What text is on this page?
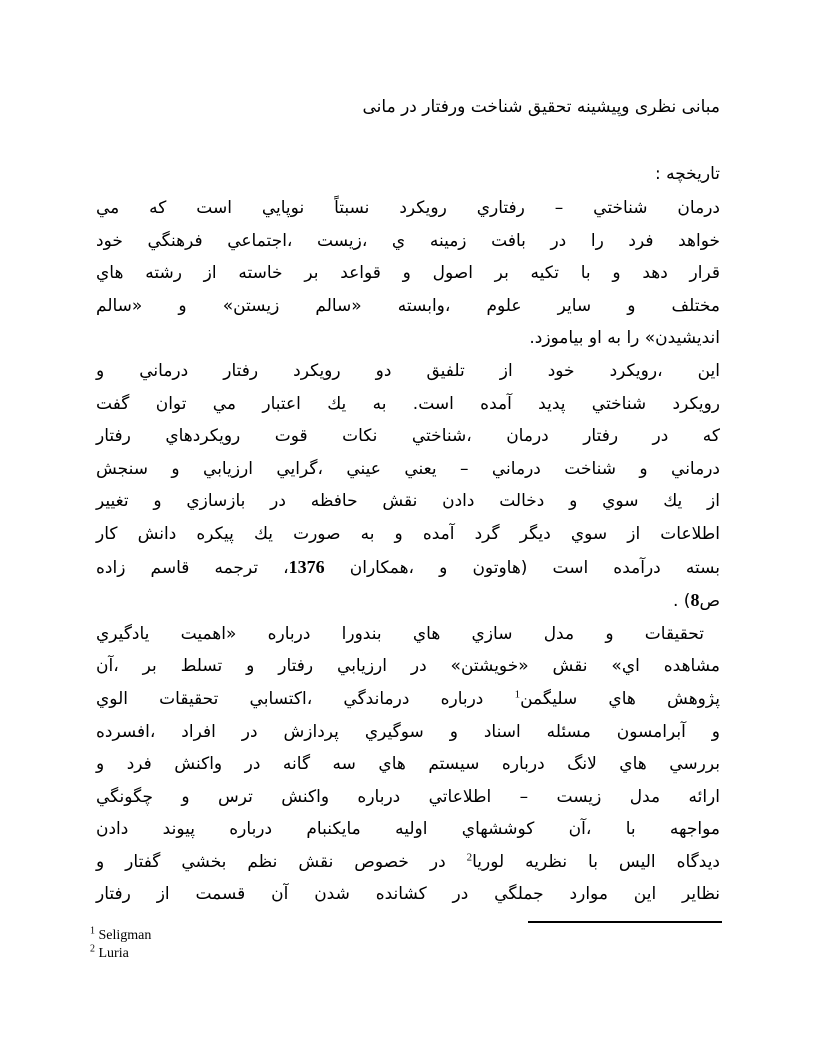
مبانی نظری وپیشینه تحقیق شناخت ورفتار در مانی
تاريخچه :
درمان شناختي – رفتاري رويكرد نسبتاً نوپايي است كه مي
خواهد فرد را در بافت زمينه ي ،زيست ،اجتماعي فرهنگي خود
قرار دهد و با تكيه بر اصول و قواعد بر خاسته از رشته هاي
مختلف و ساير علوم ،وابسته «سالم زيستن» و «سالم
انديشيدن» را به او بياموزد.
اين ،رويكرد خود از تلفيق دو رويكرد رفتار درماني و
رويكرد شناختي پديد آمده است. به يك اعتبار مي توان گفت
كه در رفتار درمان ،شناختي نكات قوت رويكردهاي رفتار
درماني و شناخت درماني – يعني عيني ،گرايي ارزيابي و سنجش
از يك سوي و دخالت دادن نقش حافظه در بازسازي و تغيير
اطلاعات از سوي ديگر گرد آمده و به صورت يك پيكره دانش كار
بسته درآمده است (هاوتون و ،همكاران 1376، ترجمه قاسم زاده
ص8) .
تحقيقات و مدل سازي هاي بندورا درباره «اهميت يادگيري
مشاهده اي» نقش «خويشتن» در ارزيابي رفتار و تسلط بر ،آن
پژوهش هاي سليگمن$^1$ درباره درماندگي ،اكتسابي تحقيقات الوي
و آبرامسون مسئله اسناد و سوگيري پردازش در افراد ،افسرده
بررسي هاي لانگ درباره سيستم هاي سه گانه در واكنش فرد و
ارائه مدل زيست – اطلاعاتي درباره واكنش ترس و چگونگي
مواجهه با ،آن كوششهاي اوليه مايكنبام درباره پيوند دادن
ديدگاه اليس با نظريه لوريا$^2$ در خصوص نقش نظم بخشي گفتار و
نظاير اين موارد جملگي در كشانده شدن آن قسمت از رفتار
$^1$ Seligman
$^2$ Luria
